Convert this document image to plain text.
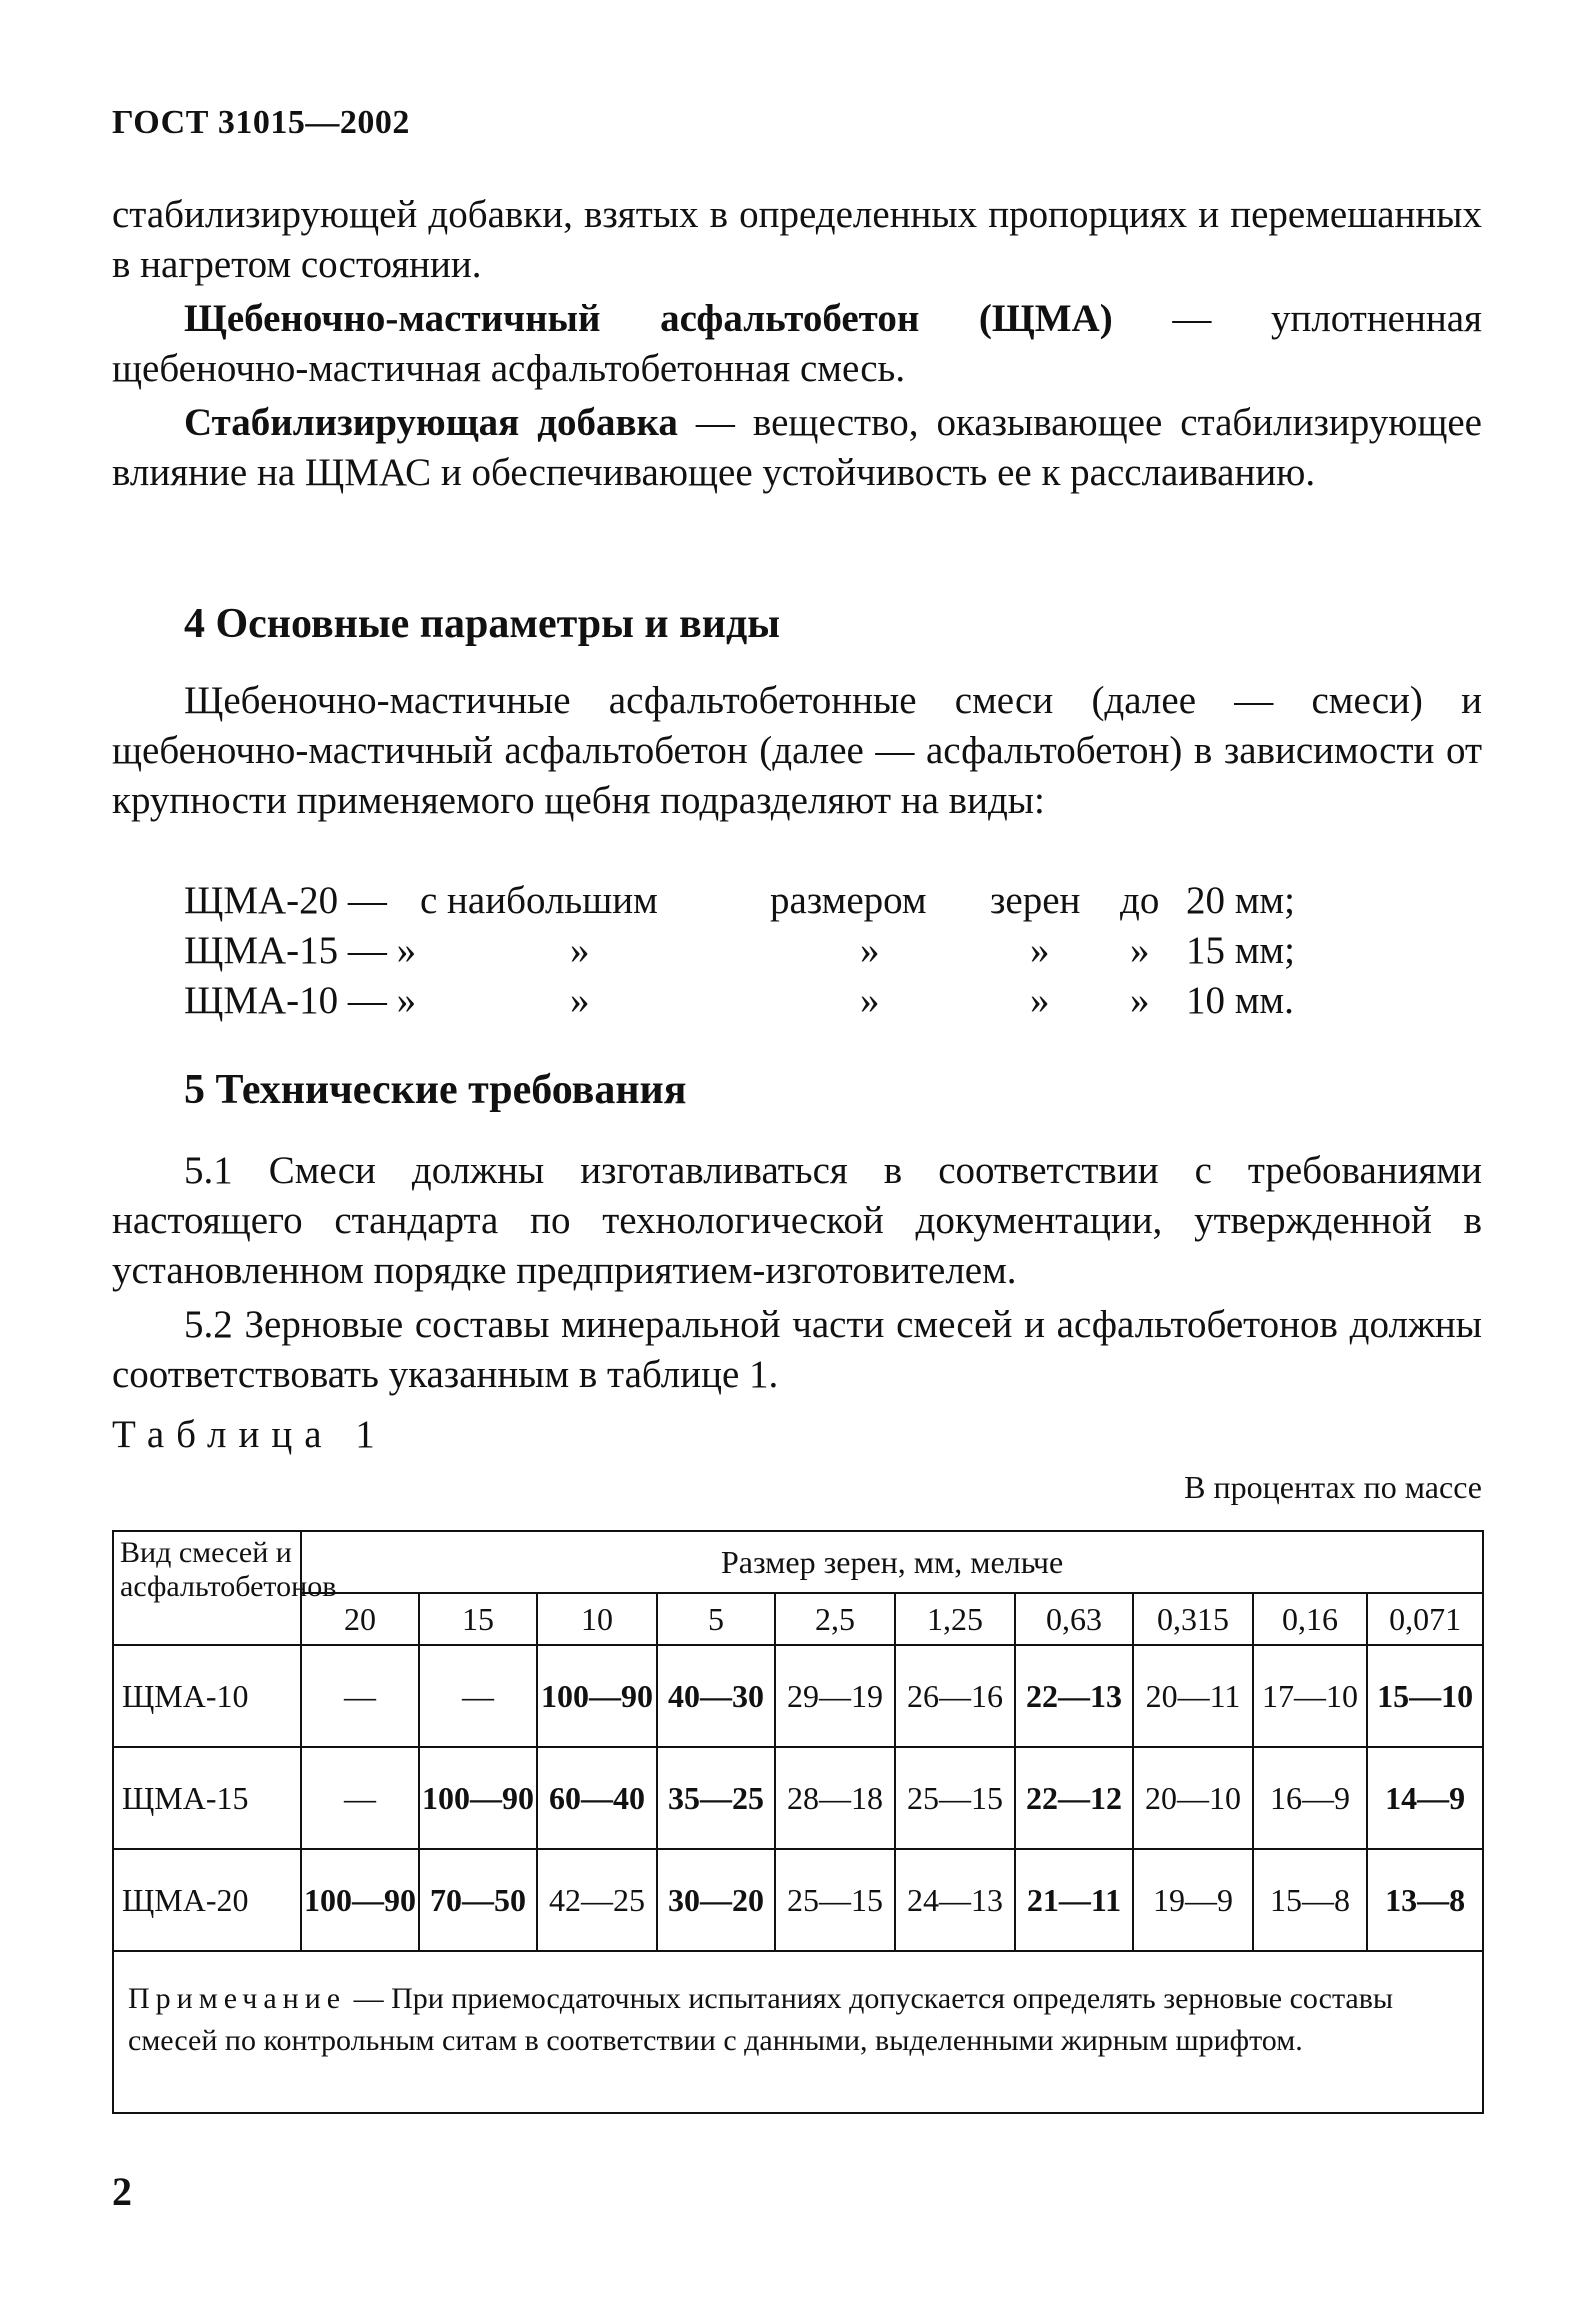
ГОСТ 31015—2002

стабилизирующей добавки, взятых в определенных пропорциях и перемешанных в нагретом состоянии.

Щебеночно-мастичный асфальтобетон (ЩМА) — уплотненная щебеночно-мастичная асфальтобетонная смесь.

Стабилизирующая добавка — вещество, оказывающее стабилизирующее влияние на ЩМАС и обеспечивающее устойчивость ее к расслаиванию.

4 Основные параметры и виды

Щебеночно-мастичные асфальтобетонные смеси (далее — смеси) и щебеночно-мастичный асфальтобетон (далее — асфальтобетон) в зависимости от крупности применяемого щебня подразделяют на виды:

ЩМА-20 — с наибольшим	размером зерен до 20 мм;
ЩМА-15 — »	»	»	» » 15 мм;
ЩМА-10 — »	»	»	» » 10 мм.
5 Технические требования

5.1 Смеси должны изготавливаться в соответствии с требованиями настоящего стандарта по технологической документации, утвержденной в установленном порядке предприятием-изготовителем.

5.2 Зерновые составы минеральной части смесей и асфальтобетонов должны соответствовать указанным в таблице 1.

Таблица 1
В процентах по массе
Вид смесей и асфальтобетонов	Размер зерен, мм, мельче									
	20	15	10	5	2,5	1,25	0,63	0,315	0,16	0,071
ЩМА-10	—	—	100—90	40—30	29—19	26—16	22—13	20—11	17—10	15—10
ЩМА-15	—	100—90	60—40	35—25	28—18	25—15	22—12	20—10	16—9	14—9
ЩМА-20	100—90	70—50	42—25	30—20	25—15	24—13	21—11	19—9	15—8	13—8
Примечание — При приемосдаточных испытаниях допускается определять зерновые составы смесей по контрольным ситам в соответствии с данными, выделенными жирным шрифтом.										
2
